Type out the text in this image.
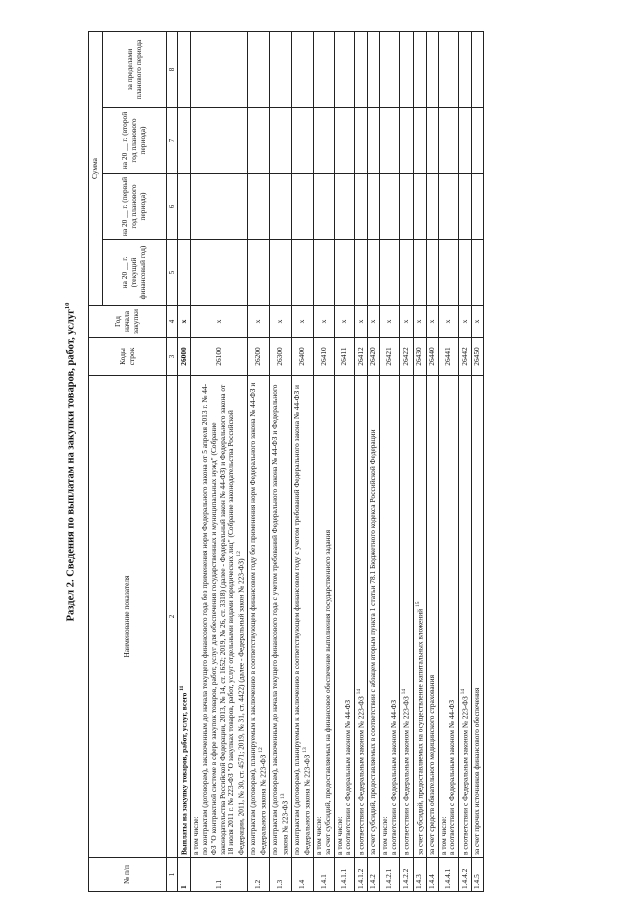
Раздел 2. Сведения по выплатам на закупки товаров, работ, услуг$^{10}$
№ п/п	Наименование показателя	Коды строк	Год начала закупки	Сумма			
				на 20 __ г. (текущий финансовый год)	на 20 __ г. (первый год планового периода)	на 20 __ г. (второй год планового периода)	за пределами планового периода
1	2	3	4	5	6	7	8
1	Выплаты на закупку товаров, работ, услуг, всего $^{11}$	26000	x				
1.1	в том числе: по контрактам (договорам), заключенным до начала текущего финансового года без применения норм Федерального закона от 5 апреля 2013 г. № 44-ФЗ "О контрактной системе в сфере закупок товаров, работ, услуг для обеспечения государственных и муниципальных нужд" (Собрание законодательства Российской Федерации, 2013, № 14, ст. 1652; 2019, № 26, ст. 3318) (далее - Федеральный закон № 44-ФЗ) и Федерального закона от 18 июля 2011 г. № 223-ФЗ "О закупках товаров, работ, услуг отдельными видами юридических лиц" (Собрание законодательства Российской Федерации, 2011, № 30, ст. 4571; 2019, № 31, ст. 4422) (далее - Федеральный закон № 223-ФЗ) $^{12}$	26100	x				
1.2	по контрактам (договорам), планируемым к заключению в соответствующем финансовом году без применения норм Федерального закона № 44-ФЗ и Федерального закона № 223-ФЗ $^{12}$	26200	x				
1.3	по контрактам (договорам), заключенным до начала текущего финансового года с учетом требований Федерального закона № 44-ФЗ и Федерального закона № 223-ФЗ $^{13}$	26300	x				
1.4	по контрактам (договорам), планируемым к заключению в соответствующем финансовом году с учетом требований Федерального закона № 44-ФЗ и Федерального закона № 223-ФЗ $^{13}$	26400	x				
1.4.1	в том числе: за счет субсидий, предоставляемых на финансовое обеспечение выполнения государственного задания	26410	x				
1.4.1.1	в том числе: в соответствии с Федеральным законом № 44-ФЗ	26411	x				
1.4.1.2	в соответствии с Федеральным законом № 223-ФЗ $^{14}$	26412	x				
1.4.2	за счет субсидий, предоставляемых в соответствии с абзацем вторым пункта 1 статьи 78.1 Бюджетного кодекса Российской Федерации	26420	x				
1.4.2.1	в том числе: в соответствии с Федеральным законом № 44-ФЗ	26421	x				
1.4.2.2	в соответствии с Федеральным законом № 223-ФЗ $^{14}$	26422	x				
1.4.3	за счет субсидий, предоставляемых на осуществление капитальных вложений $^{15}$	26430	x				
1.4.4	за счет средств обязательного медицинского страхования	26440	x				
1.4.4.1	в том числе: в соответствии с Федеральным законом № 44-ФЗ	26441	x				
1.4.4.2	в соответствии с Федеральным законом № 223-ФЗ $^{14}$	26442	x				
1.4.5	за счет прочих источников финансового обеспечения	26450	x				
